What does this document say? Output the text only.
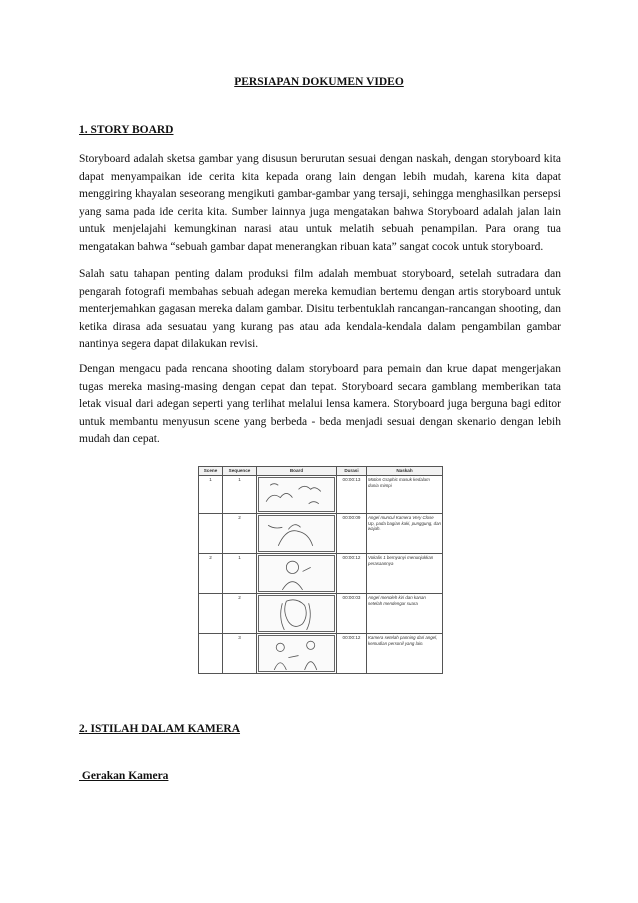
PERSIAPAN DOKUMEN VIDEO
1. STORY BOARD

Storyboard adalah sketsa gambar yang disusun berurutan sesuai dengan naskah, dengan storyboard kita dapat menyampaikan ide cerita kita kepada orang lain dengan lebih mudah, karena kita dapat menggiring khayalan seseorang mengikuti gambar-gambar yang tersaji, sehingga menghasilkan persepsi yang sama pada ide cerita kita. Sumber lainnya juga mengatakan bahwa Storyboard adalah jalan lain untuk menjelajahi kemungkinan narasi atau untuk melatih sebuah penampilan. Para orang tua mengatakan bahwa “sebuah gambar dapat menerangkan ribuan kata” sangat cocok untuk storyboard.

Salah satu tahapan penting dalam produksi film adalah membuat storyboard, setelah sutradara dan pengarah fotografi membahas sebuah adegan mereka kemudian bertemu dengan artis storyboard untuk menterjemahkan gagasan mereka dalam gambar. Disitu terbentuklah rancangan-rancangan shooting, dan ketika dirasa ada sesuatau yang kurang pas atau ada kendala-kendala dalam pengambilan gambar nantinya segera dapat dilakukan revisi.

Dengan mengacu pada rencana shooting dalam storyboard para pemain dan krue dapat mengerjakan tugas mereka masing-masing dengan cepat dan tepat. Storyboard secara gamblang memberikan tata letak visual dari adegan seperti yang terlihat melalui lensa kamera. Storyboard juga berguna bagi editor untuk membantu menyusun scene yang berbeda - beda menjadi sesuai dengan skenario dengan lebih mudah dan cepat.

Scene	Sequence	Board	Durasi	Naskah
1	1		00:00:13	Motion Graphic masuk kedalam dunia mimpi
	2		00:00:09	Angel muncul Kamera Very Close Up, pada bagian kaki, punggung, dan wajah.
2	1		00:00:12	Vokalis 1 bernyanyi menunjukkan perasaannya
	2		00:00:03	Angel menoleh kiri dan kanan setelah mendengar suara
	3		00:00:12	Kamera setelah panning dari angel, kemudian personil yang lain.
2. ISTILAH DALAM KAMERA
Gerakan Kamera
